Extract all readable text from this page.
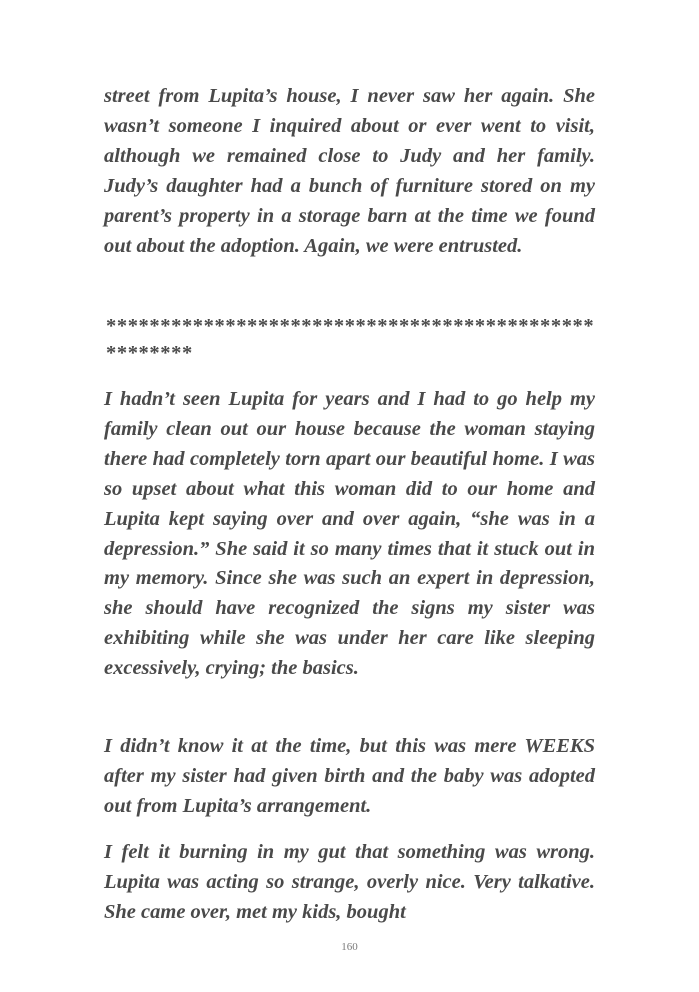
street from Lupita’s house, I never saw her again. She wasn’t someone I inquired about or ever went to visit, although we remained close to Judy and her family. Judy’s daughter had a bunch of furniture stored on my parent’s property in a storage barn at the time we found out about the adoption. Again, we were entrusted.

*****************************************************

I hadn’t seen Lupita for years and I had to go help my family clean out our house because the woman staying there had completely torn apart our beautiful home. I was so upset about what this woman did to our home and Lupita kept saying over and over again, “she was in a depression.” She said it so many times that it stuck out in my memory. Since she was such an expert in depression, she should have recognized the signs my sister was exhibiting while she was under her care like sleeping excessively, crying; the basics.

I didn’t know it at the time, but this was mere WEEKS after my sister had given birth and the baby was adopted out from Lupita’s arrangement.

I felt it burning in my gut that something was wrong. Lupita was acting so strange, overly nice. Very talkative. She came over, met my kids, bought

160
